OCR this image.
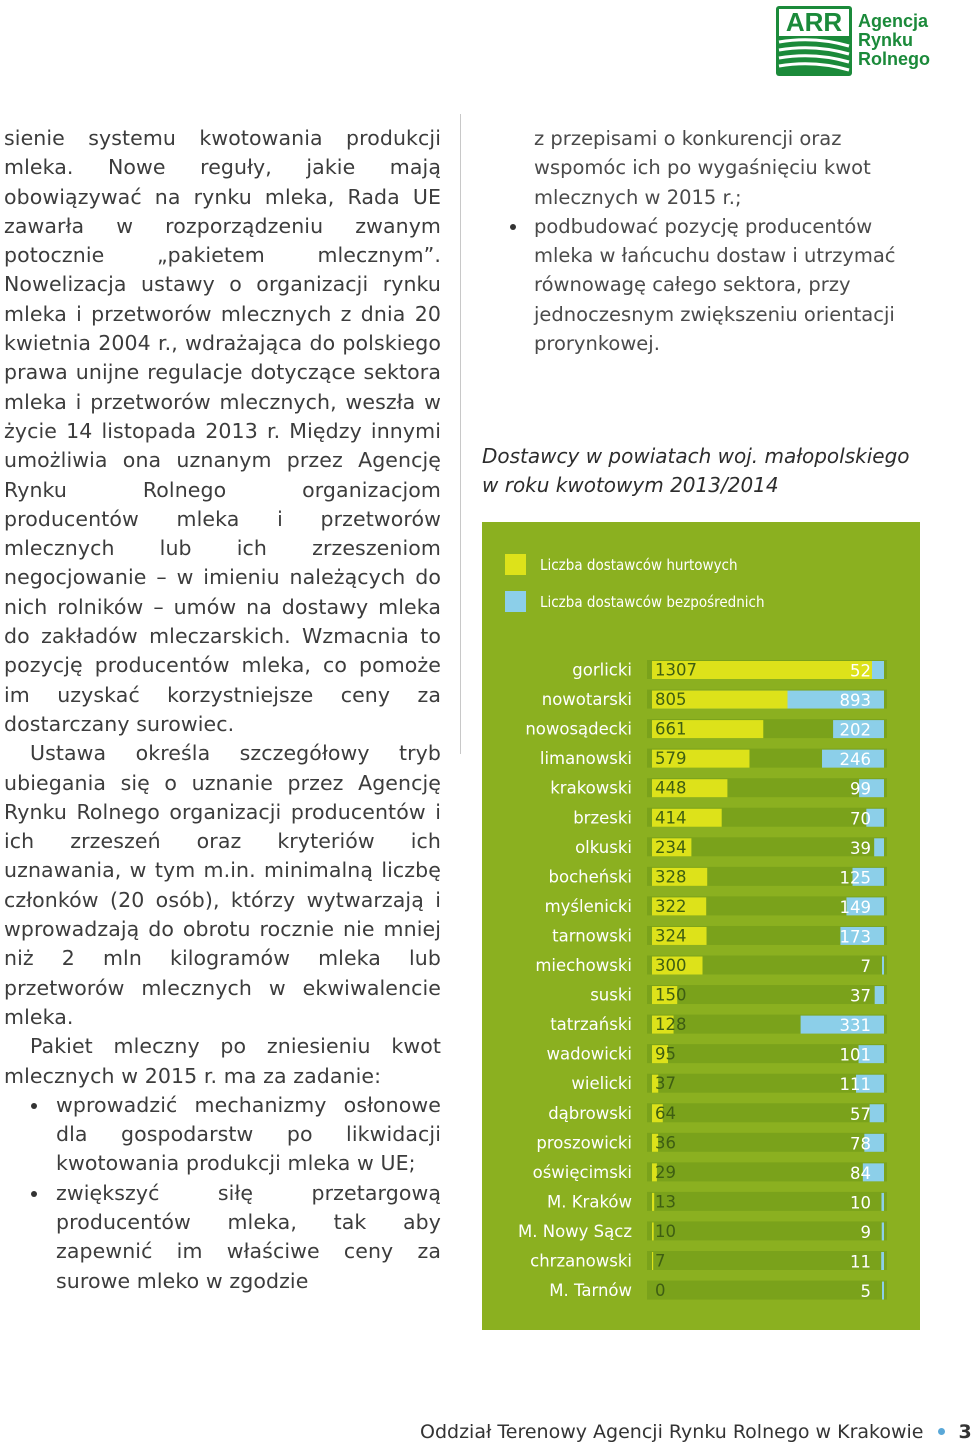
ARR Agencja
Rynku
Rolnego

sienie systemu kwotowania produkcji mleka. Nowe reguły, jakie mają obowiązywać na rynku mleka, Rada UE zawarła w rozporządzeniu zwanym potocznie „pakietem mlecznym”. Nowelizacja ustawy o organizacji rynku mleka i przetworów mlecznych z dnia 20 kwietnia 2004 r., wdrażająca do polskiego prawa unijne regulacje dotyczące sektora mleka i przetworów mlecznych, weszła w życie 14 listopada 2013 r. Między innymi umożliwia ona uznanym przez Agencję Rynku Rolnego organizacjom producentów mleka i przetworów mlecznych lub ich zrzeszeniom negocjowanie – w imieniu należących do nich rolników – umów na dostawy mleka do zakładów mleczarskich. Wzmacnia to pozycję producentów mleka, co pomoże im uzyskać korzystniejsze ceny za dostarczany surowiec.

Ustawa określa szczegółowy tryb ubiegania się o uznanie przez Agencję Rynku Rolnego organizacji producentów i ich zrzeszeń oraz kryteriów ich uznawania, w tym m.in. minimalną liczbę członków (20 osób), którzy wytwarzają i wprowadzają do obrotu rocznie nie mniej niż 2 mln kilogramów mleka lub przetworów mlecznych w ekwiwalencie mleka.

Pakiet mleczny po zniesieniu kwot mlecznych w 2015 r. ma za zadanie:

wprowadzić mechanizmy osłonowe dla gospodarstw po likwidacji kwotowania produkcji mleka w UE;
zwiększyć siłę przetargową producentów mleka, tak aby zapewnić im właściwe ceny za surowe mleko w zgodzie

z przepisami o konkurencji oraz wspomóc ich po wygaśnięciu kwot mlecznych w 2015 r.;

podbudować pozycję producentów mleka w łańcuchu dostaw i utrzymać równowagę całego sektora, przy jednoczesnym zwiększeniu orientacji prorynkowej.
Dostawcy w powiatach woj. małopolskiego
w roku kwotowym 2013/2014
Liczba dostawców hurtowych
Liczba dostawców bezpośrednich
gorlicki 1307	52
nowotarski 805	893
nowosądecki 661	202
limanowski 579	246
krakowski 448	99
brzeski 414	70
olkuski 234	39
bocheński 328	125
myślenicki 322	149
tarnowski 324	173
miechowski 300	7
suski 150	37
tatrzański 128	331
wadowicki 95	101
wielicki 37	111
dąbrowski 64	57
proszowicki 36	78
oświęcimski 29	84
M. Kraków 13	10
M. Nowy Sącz 10	9
chrzanowski 7	11
M. Tarnów 0	5
Oddział Terenowy Agencji Rynku Rolnego w Krakowie 3
